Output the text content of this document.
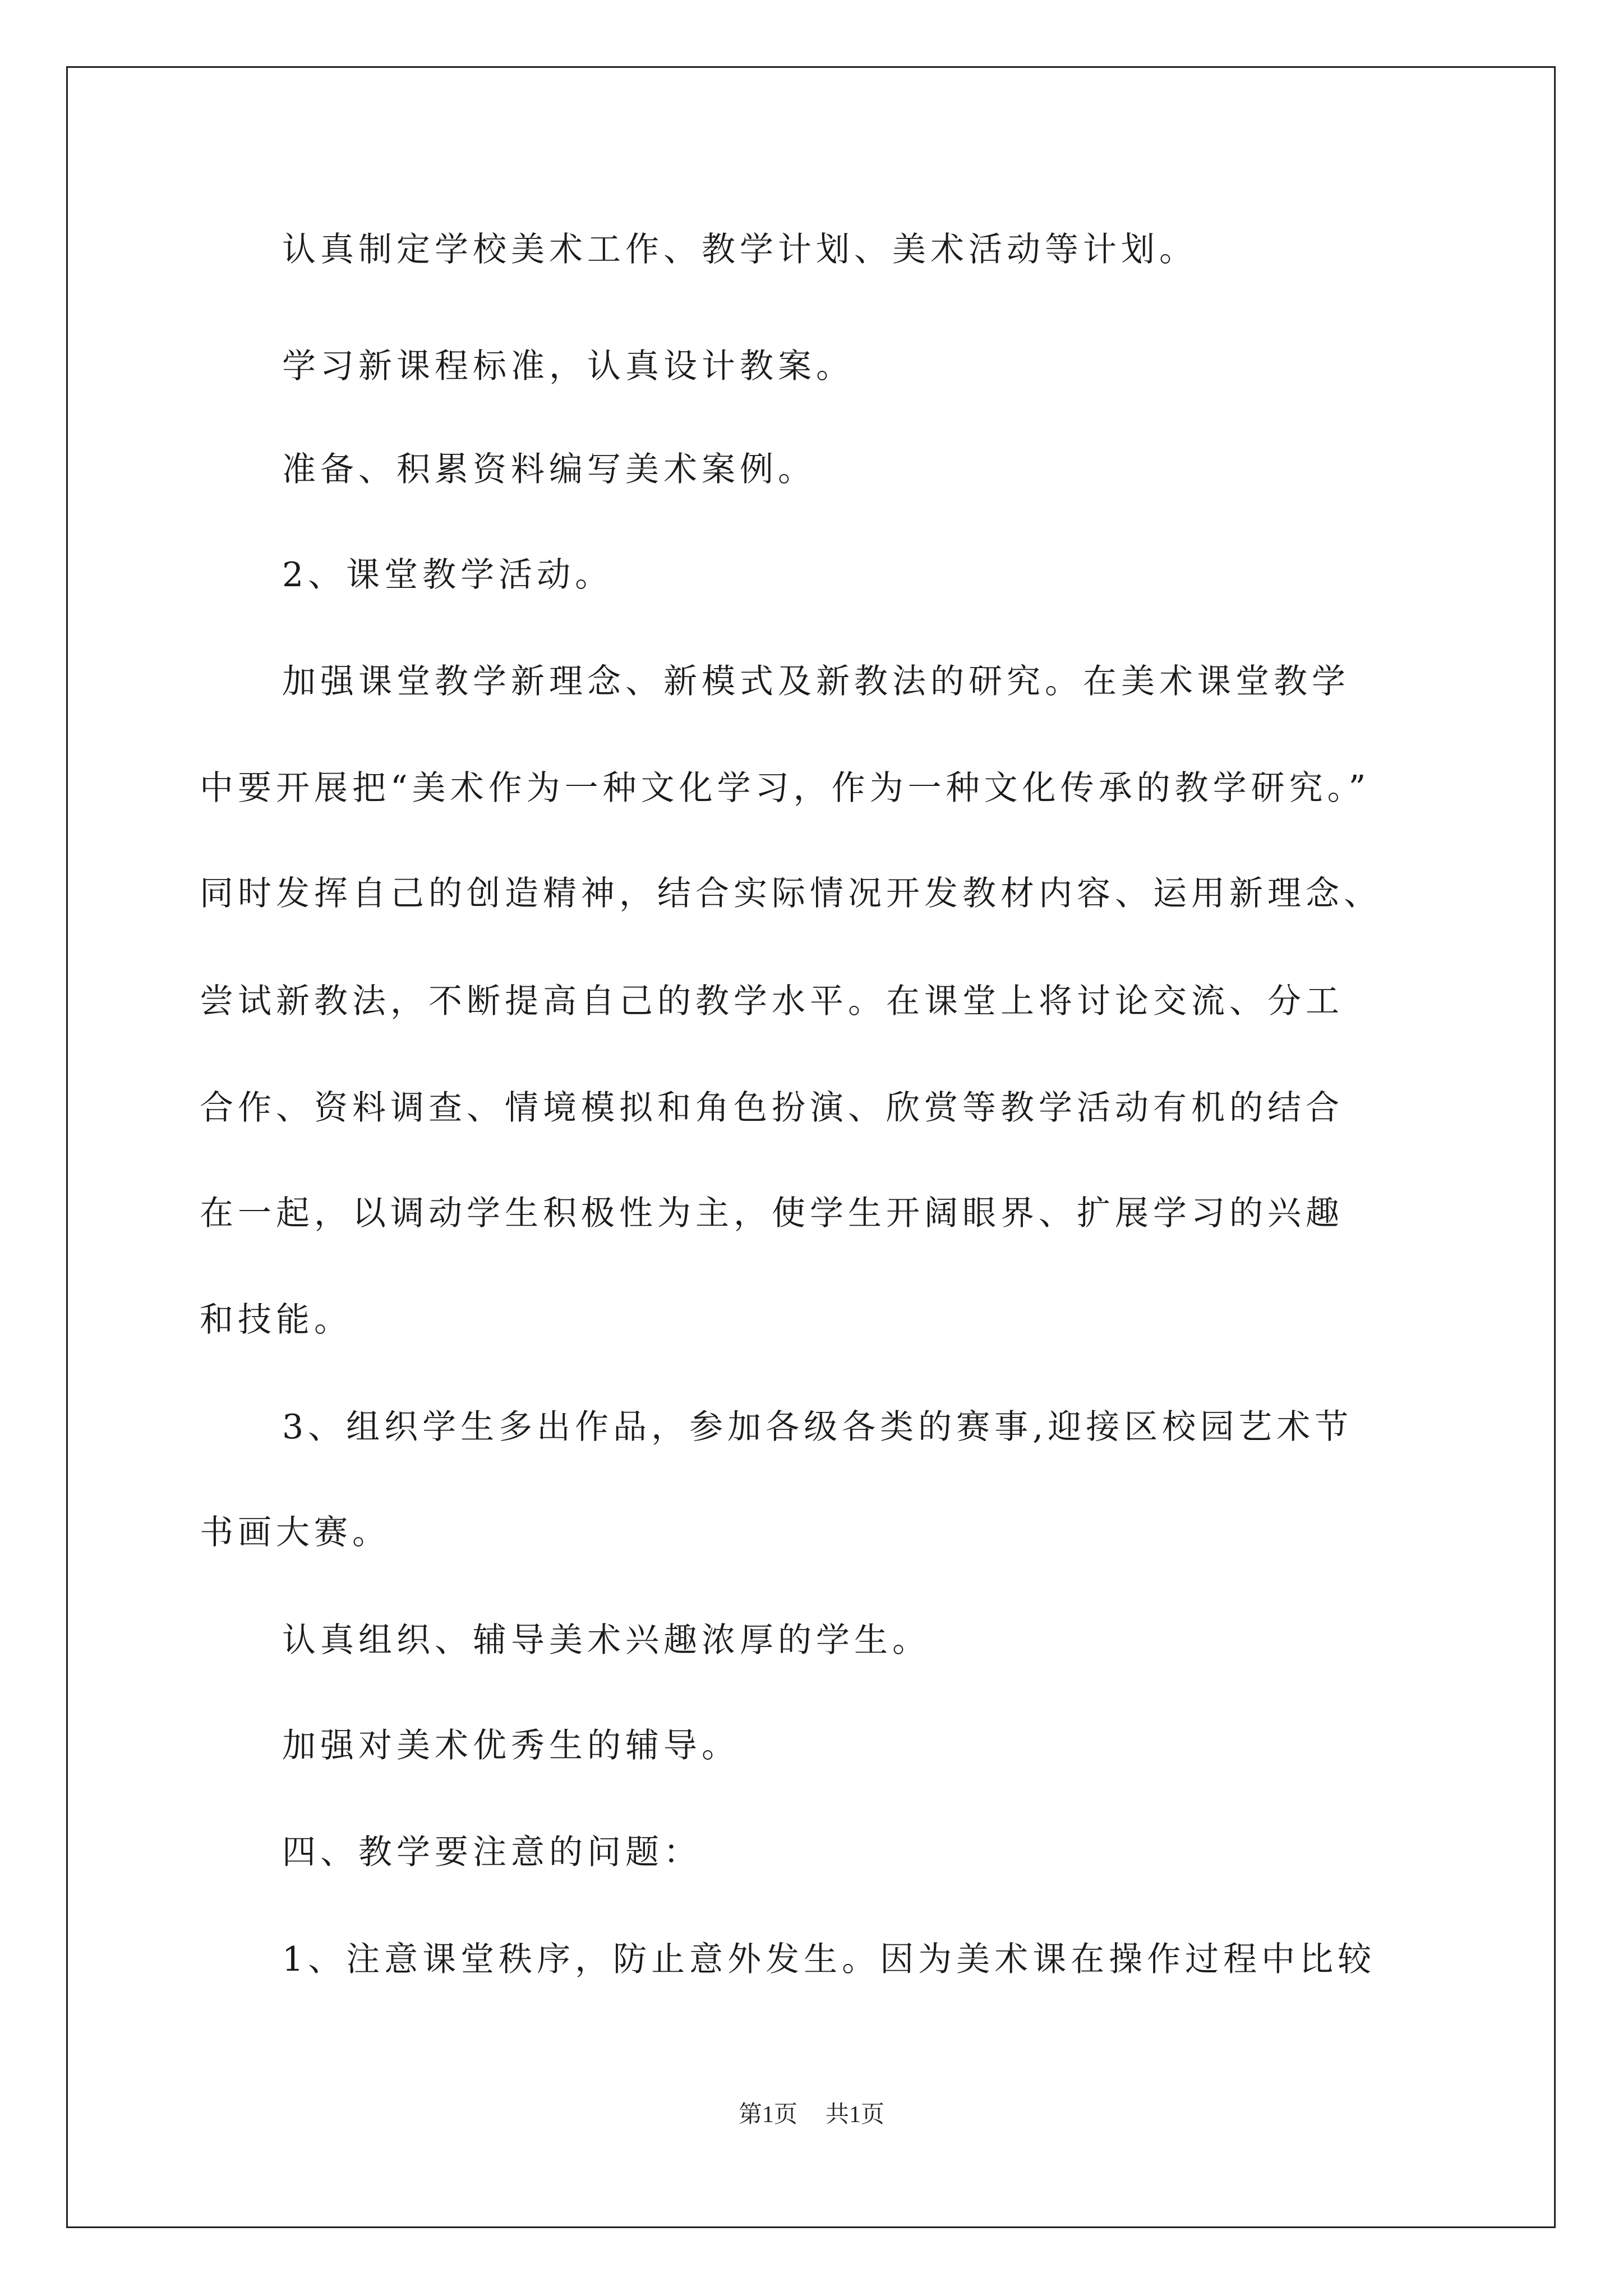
认真制定学校美术工作、教学计划、美术活动等计划。
学习新课程标准，认真设计教案。
准备、积累资料编写美术案例。
2、课堂教学活动。
加强课堂教学新理念、新模式及新教法的研究。在美术课堂教学
中要开展把“美术作为一种文化学习，作为一种文化传承的教学研究。”
同时发挥自己的创造精神，结合实际情况开发教材内容、运用新理念、
尝试新教法，不断提高自己的教学水平。在课堂上将讨论交流、分工
合作、资料调查、情境模拟和角色扮演、欣赏等教学活动有机的结合
在一起，以调动学生积极性为主，使学生开阔眼界、扩展学习的兴趣
和技能。
3、组织学生多出作品，参加各级各类的赛事,迎接区校园艺术节
书画大赛。
认真组织、辅导美术兴趣浓厚的学生。
加强对美术优秀生的辅导。
四、教学要注意的问题：
1、注意课堂秩序，防止意外发生。因为美术课在操作过程中比较
第1页 共1页
